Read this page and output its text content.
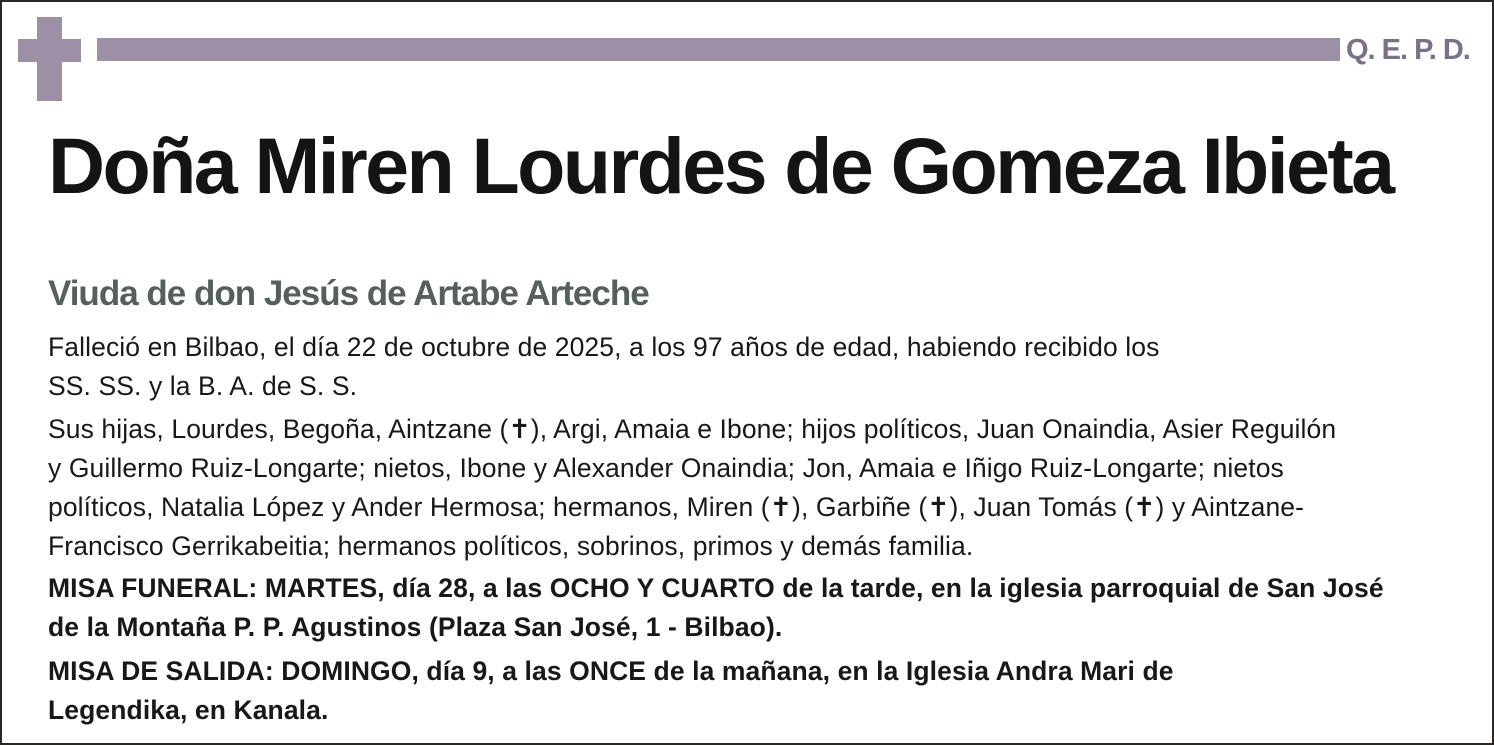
Q. E. P. D.
Doña Miren Lourdes de Gomeza Ibieta
Viuda de don Jesús de Artabe Arteche
Falleció en Bilbao, el día 22 de octubre de 2025, a los 97 años de edad, habiendo recibido los
SS. SS. y la B. A. de S. S.
Sus hijas, Lourdes, Begoña, Aintzane (✝), Argi, Amaia e Ibone; hijos políticos, Juan Onaindia, Asier Reguilón
y Guillermo Ruiz-Longarte; nietos, Ibone y Alexander Onaindia; Jon, Amaia e Iñigo Ruiz-Longarte; nietos
políticos, Natalia López y Ander Hermosa; hermanos, Miren (✝), Garbiñe (✝), Juan Tomás (✝) y Aintzane-
Francisco Gerrikabeitia; hermanos políticos, sobrinos, primos y demás familia.
MISA FUNERAL: MARTES, día 28, a las OCHO Y CUARTO de la tarde, en la iglesia parroquial de San José
de la Montaña P. P. Agustinos (Plaza San José, 1 - Bilbao).
MISA DE SALIDA: DOMINGO, día 9, a las ONCE de la mañana, en la Iglesia Andra Mari de
Legendika, en Kanala.
